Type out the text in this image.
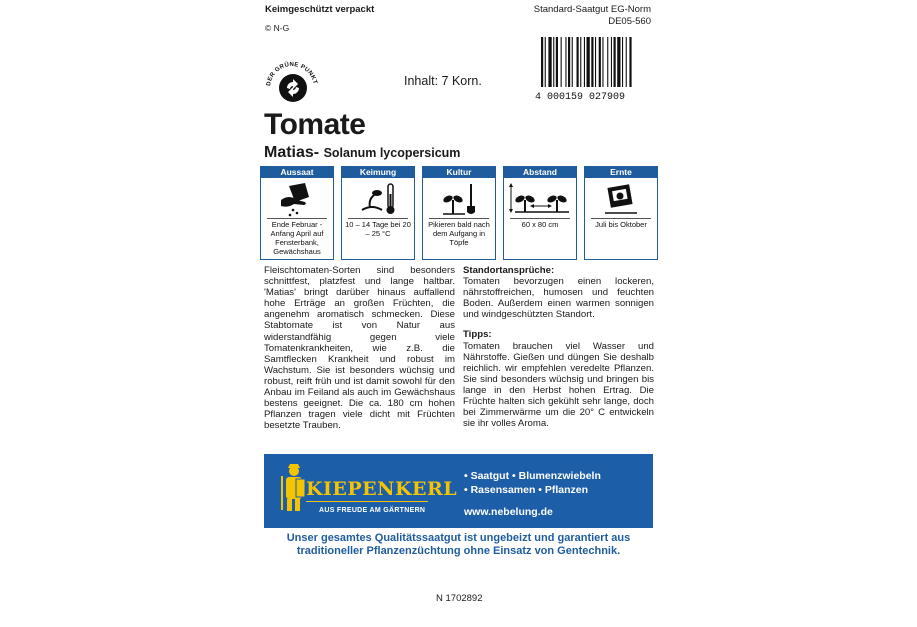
Keimgeschützt verpackt
© N-G
Standard-Saatgut EG-Norm
DE05-560
DER GRÜNE PUNKT	Inhalt: 7 Korn.
4 000159 027909
Tomate
Matias- Solanum lycopersicum
Aussaat
Ende Februar - Anfang April auf Fensterbank, Gewächshaus
Keimung
10 – 14 Tage bei 20 – 25 °C
Kultur
Pikieren bald nach dem Aufgang in Töpfe
Abstand
60 x 80 cm
Ernte
Juli bis Oktober
Fleischtomaten-Sorten sind besonders schnittfest, platzfest und lange haltbar. 'Matias' bringt darüber hinaus auffallend hohe Erträge an großen Früchten, die angenehm aromatisch schmecken. Diese Stabtomate ist von Natur aus widerstandfähig gegen viele Tomatenkrankheiten, wie z.B. die Samtflecken Krankheit und robust im Wachstum. Sie ist besonders wüchsig und robust, reift früh und ist damit sowohl für den Anbau im Feiland als auch im Gewächshaus bestens geeignet. Die ca. 180 cm hohen Pflanzen tragen viele dicht mit Früchten besetzte Trauben.
Standortansprüche:
Tomaten bevorzugen einen lockeren, nährstoffreichen, humosen und feuchten Boden. Außerdem einen warmen sonnigen und windgeschützten Standort.
Tipps:
Tomaten brauchen viel Wasser und Nährstoffe. Gießen und düngen Sie deshalb reichlich. wir empfehlen veredelte Pflanzen. Sie sind besonders wüchsig und bringen bis lange in den Herbst hohen Ertrag. Die Früchte halten sich gekühlt sehr lange, doch bei Zimmerwärme um die 20° C entwickeln sie ihr volles Aroma.
KIEPENKERL
AUS FREUDE AM GÄRTNERN
• Saatgut • Blumenzwiebeln
• Rasensamen • Pflanzen
www.nebelung.de
Unser gesamtes Qualitätssaatgut ist ungebeizt und garantiert aus traditioneller Pflanzenzüchtung ohne Einsatz von Gentechnik.
N 1702892
